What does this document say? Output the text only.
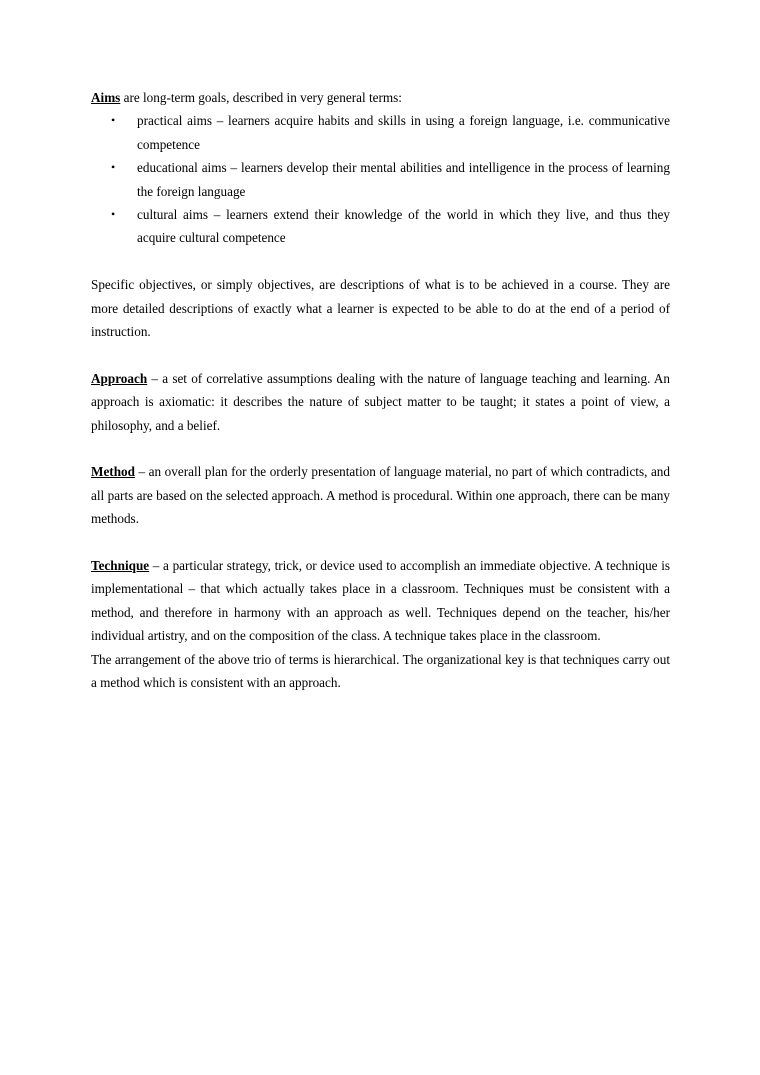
Aims are long-term goals, described in very general terms:

• practical aims – learners acquire habits and skills in using a foreign language, i.e. communicative competence
• educational aims – learners develop their mental abilities and intelligence in the process of learning the foreign language
• cultural aims – learners extend their knowledge of the world in which they live, and thus they acquire cultural competence

Specific objectives, or simply objectives, are descriptions of what is to be achieved in a course. They are more detailed descriptions of exactly what a learner is expected to be able to do at the end of a period of instruction.

Approach – a set of correlative assumptions dealing with the nature of language teaching and learning. An approach is axiomatic: it describes the nature of subject matter to be taught; it states a point of view, a philosophy, and a belief.

Method – an overall plan for the orderly presentation of language material, no part of which contradicts, and all parts are based on the selected approach. A method is procedural. Within one approach, there can be many methods.

Technique – a particular strategy, trick, or device used to accomplish an immediate objective. A technique is implementational – that which actually takes place in a classroom. Techniques must be consistent with a method, and therefore in harmony with an approach as well. Techniques depend on the teacher, his/her individual artistry, and on the composition of the class. A technique takes place in the classroom.

The arrangement of the above trio of terms is hierarchical. The organizational key is that techniques carry out a method which is consistent with an approach.
